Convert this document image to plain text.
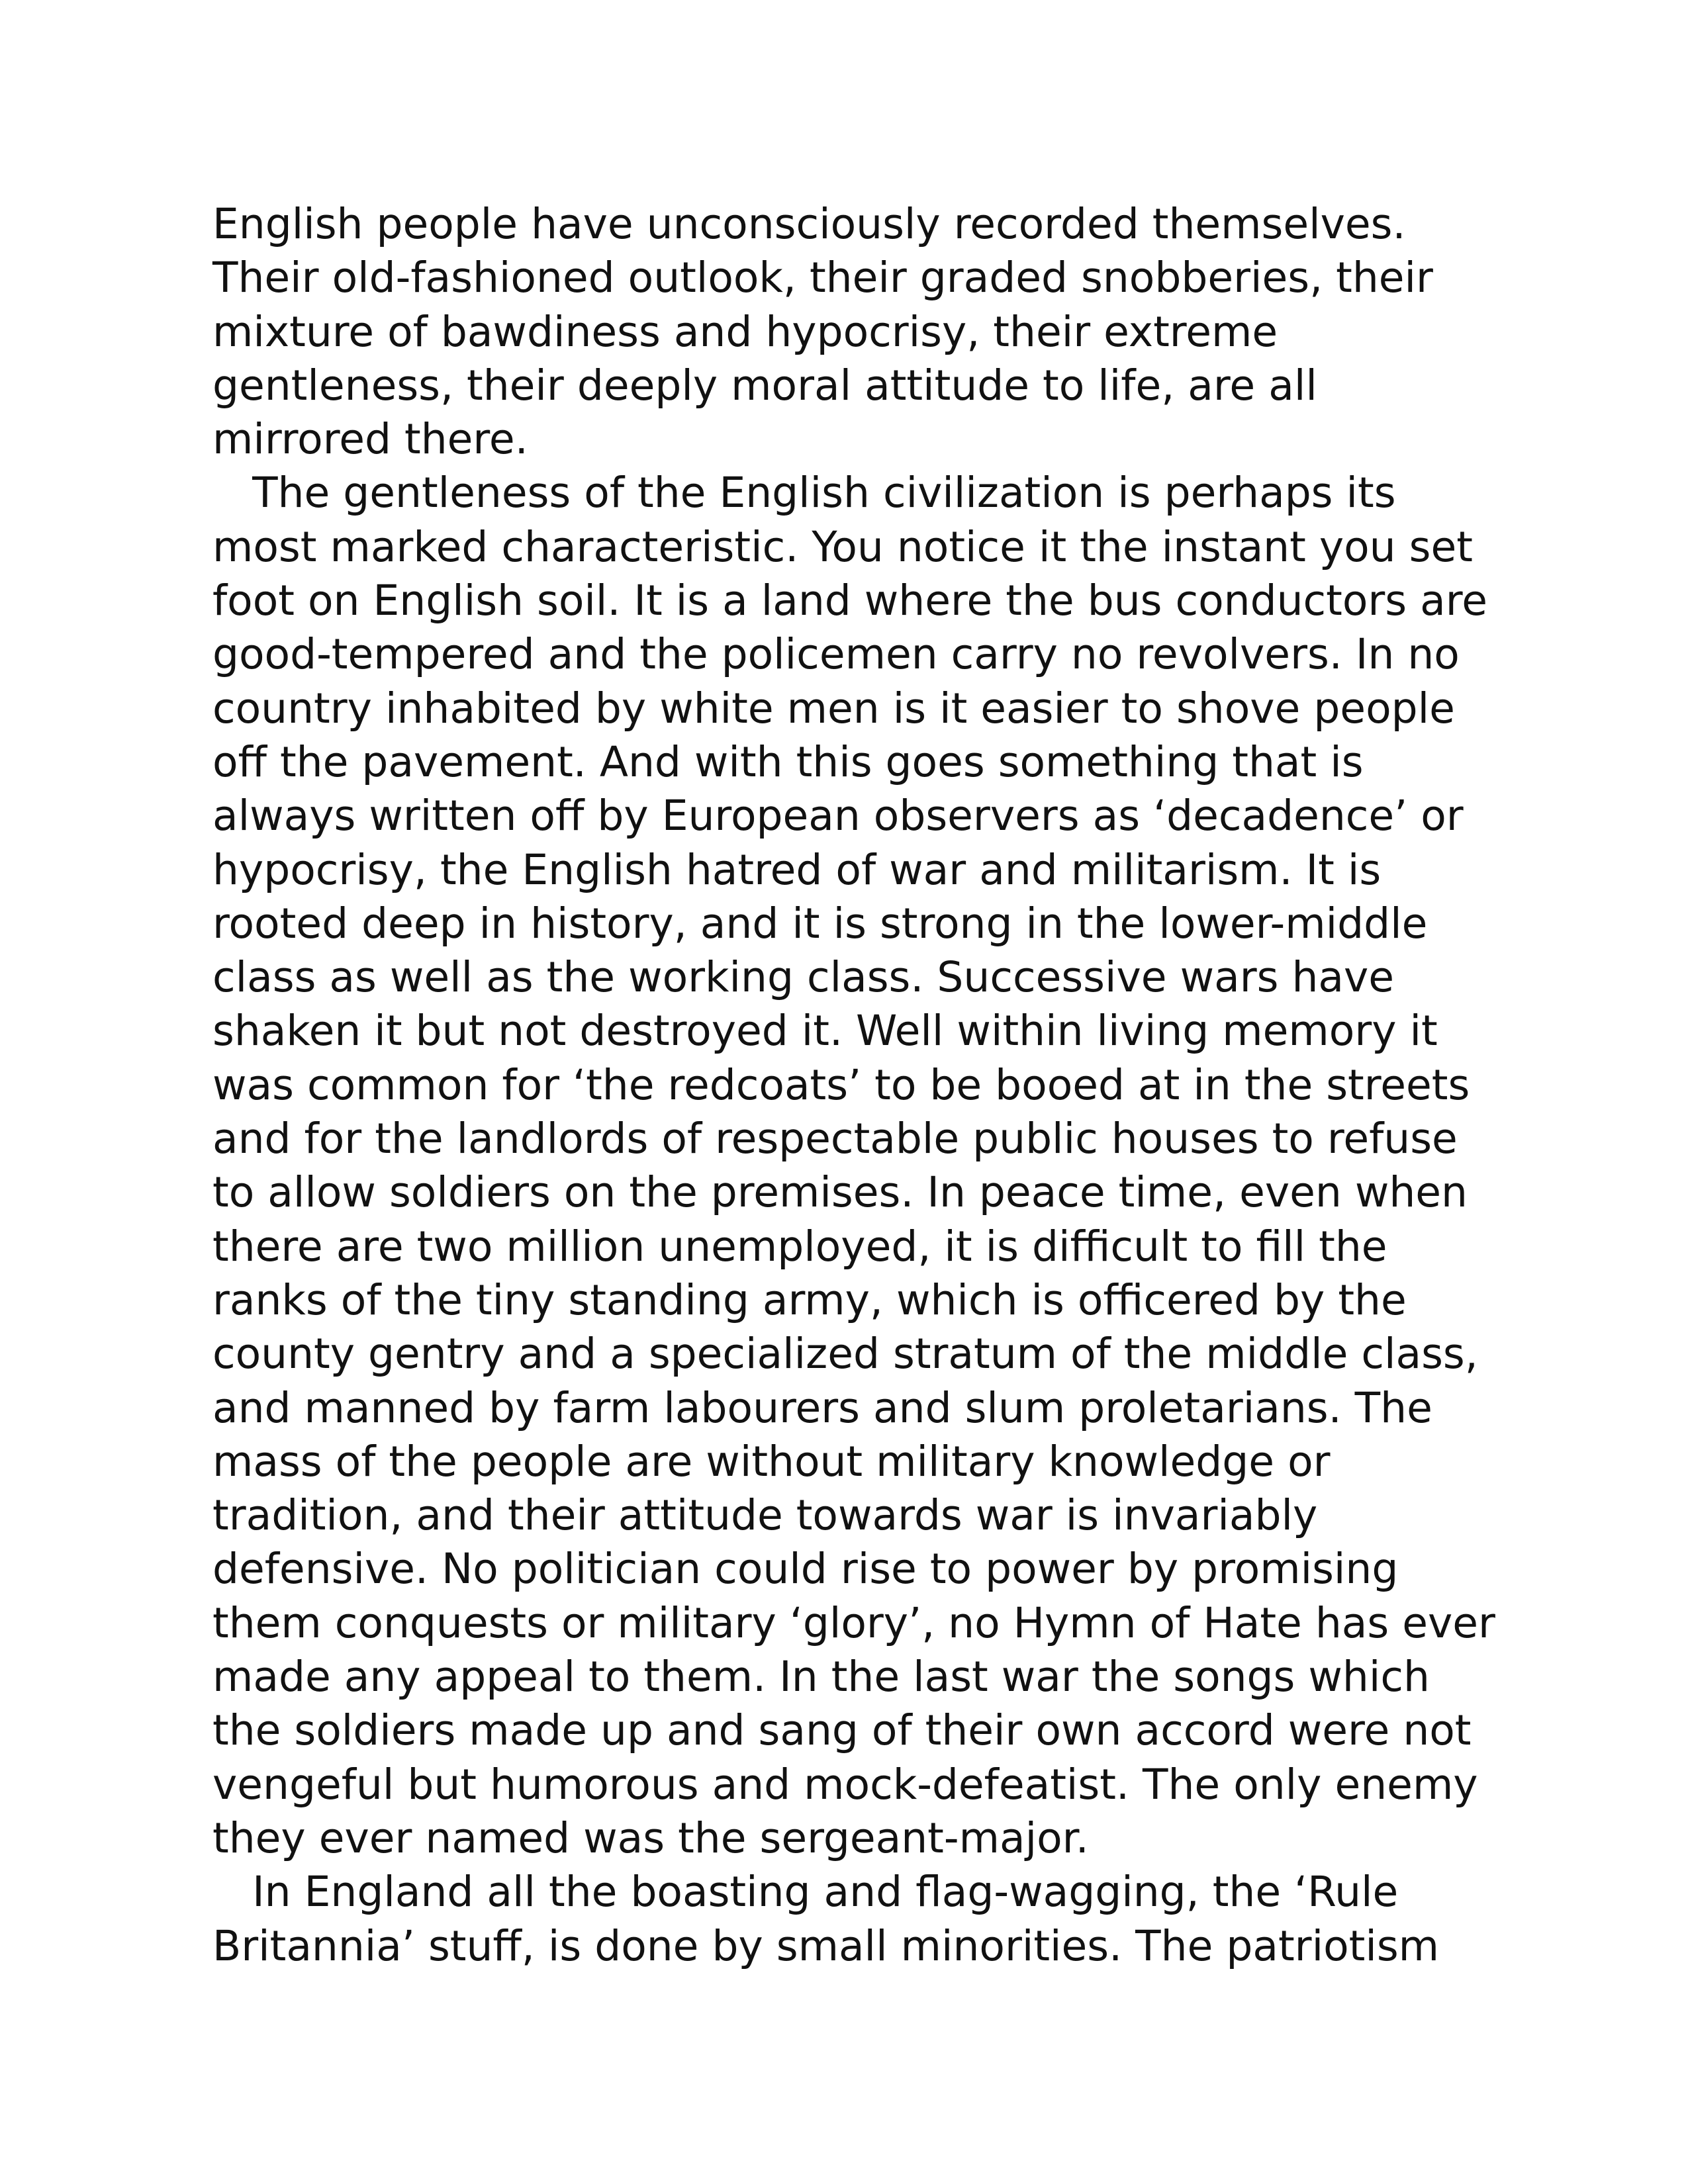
English people have unconsciously recorded themselves.
Their old-fashioned outlook, their graded snobberies, their
mixture of bawdiness and hypocrisy, their extreme
gentleness, their deeply moral attitude to life, are all
mirrored there.
The gentleness of the English civilization is perhaps its
most marked characteristic. You notice it the instant you set
foot on English soil. It is a land where the bus conductors are
good-tempered and the policemen carry no revolvers. In no
country inhabited by white men is it easier to shove people
off the pavement. And with this goes something that is
always written off by European observers as ‘decadence’ or
hypocrisy, the English hatred of war and militarism. It is
rooted deep in history, and it is strong in the lower-middle
class as well as the working class. Successive wars have
shaken it but not destroyed it. Well within living memory it
was common for ‘the redcoats’ to be booed at in the streets
and for the landlords of respectable public houses to refuse
to allow soldiers on the premises. In peace time, even when
there are two million unemployed, it is difficult to fill the
ranks of the tiny standing army, which is officered by the
county gentry and a specialized stratum of the middle class,
and manned by farm labourers and slum proletarians. The
mass of the people are without military knowledge or
tradition, and their attitude towards war is invariably
defensive. No politician could rise to power by promising
them conquests or military ‘glory’, no Hymn of Hate has ever
made any appeal to them. In the last war the songs which
the soldiers made up and sang of their own accord were not
vengeful but humorous and mock-defeatist. The only enemy
they ever named was the sergeant-major.
In England all the boasting and flag-wagging, the ‘Rule
Britannia’ stuff, is done by small minorities. The patriotism
